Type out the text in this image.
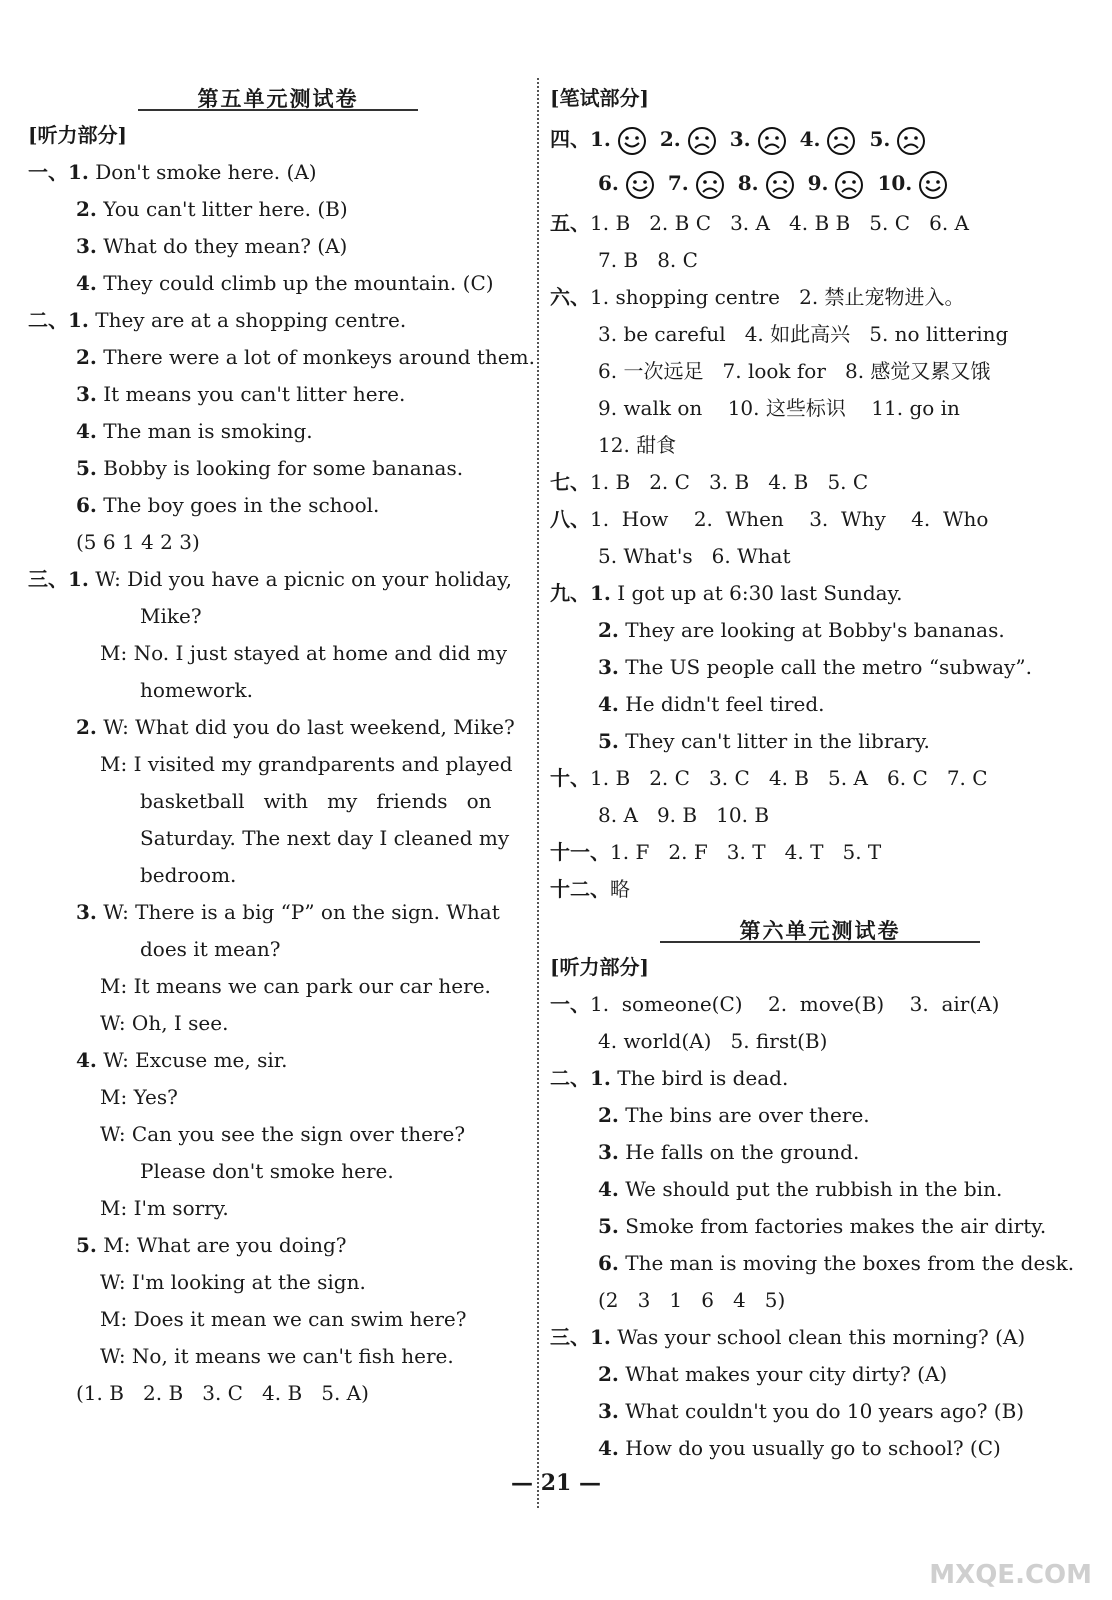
第五单元测试卷
[听力部分]
一、1. Don't smoke here. (A)
2. You can't litter here. (B)
3. What do they mean? (A)
4. They could climb up the mountain. (C)
二、1. They are at a shopping centre.
2. There were a lot of monkeys around them.
3. It means you can't litter here.
4. The man is smoking.
5. Bobby is looking for some bananas.
6. The boy goes in the school.
(5 6 1 4 2 3)
三、1. W: Did you have a picnic on your holiday,
Mike?
M: No. I just stayed at home and did my
homework.
2. W: What did you do last weekend, Mike?
M: I visited my grandparents and played
basketball   with   my   friends   on
Saturday. The next day I cleaned my
bedroom.
3. W: There is a big “P” on the sign. What
does it mean?
M: It means we can park our car here.
W: Oh, I see.
4. W: Excuse me, sir.
M: Yes?
W: Can you see the sign over there?
Please don't smoke here.
M: I'm sorry.
5. M: What are you doing?
W: I'm looking at the sign.
M: Does it mean we can swim here?
W: No, it means we can't fish here.
(1. B   2. B   3. C   4. B   5. A)
[笔试部分]
四、1. 2. 3. 4. 5.
6. 7. 8. 9. 10.
五、1. B   2. B C   3. A   4. B B   5. C   6. A
7. B   8. C
六、1. shopping centre   2. 禁止宠物进入。
3. be careful   4. 如此高兴   5. no littering
6. 一次远足   7. look for   8. 感觉又累又饿
9. walk on    10. 这些标识    11. go in
12. 甜食
七、1. B   2. C   3. B   4. B   5. C
八、1.  How    2.  When    3.  Why    4.  Who
5. What's   6. What
九、1. I got up at 6:30 last Sunday.
2. They are looking at Bobby's bananas.
3. The US people call the metro “subway”.
4. He didn't feel tired.
5. They can't litter in the library.
十、1. B   2. C   3. C   4. B   5. A   6. C   7. C
8. A   9. B   10. B
十一、1. F   2. F   3. T   4. T   5. T
十二、略
第六单元测试卷
[听力部分]
一、1.  someone(C)    2.  move(B)    3.  air(A)
4. world(A)   5. first(B)
二、1. The bird is dead.
2. The bins are over there.
3. He falls on the ground.
4. We should put the rubbish in the bin.
5. Smoke from factories makes the air dirty.
6. The man is moving the boxes from the desk.
(2   3   1   6   4   5)
三、1. Was your school clean this morning? (A)
2. What makes your city dirty? (A)
3. What couldn't you do 10 years ago? (B)
4. How do you usually go to school? (C)
— 21 —
MXQE.COM
